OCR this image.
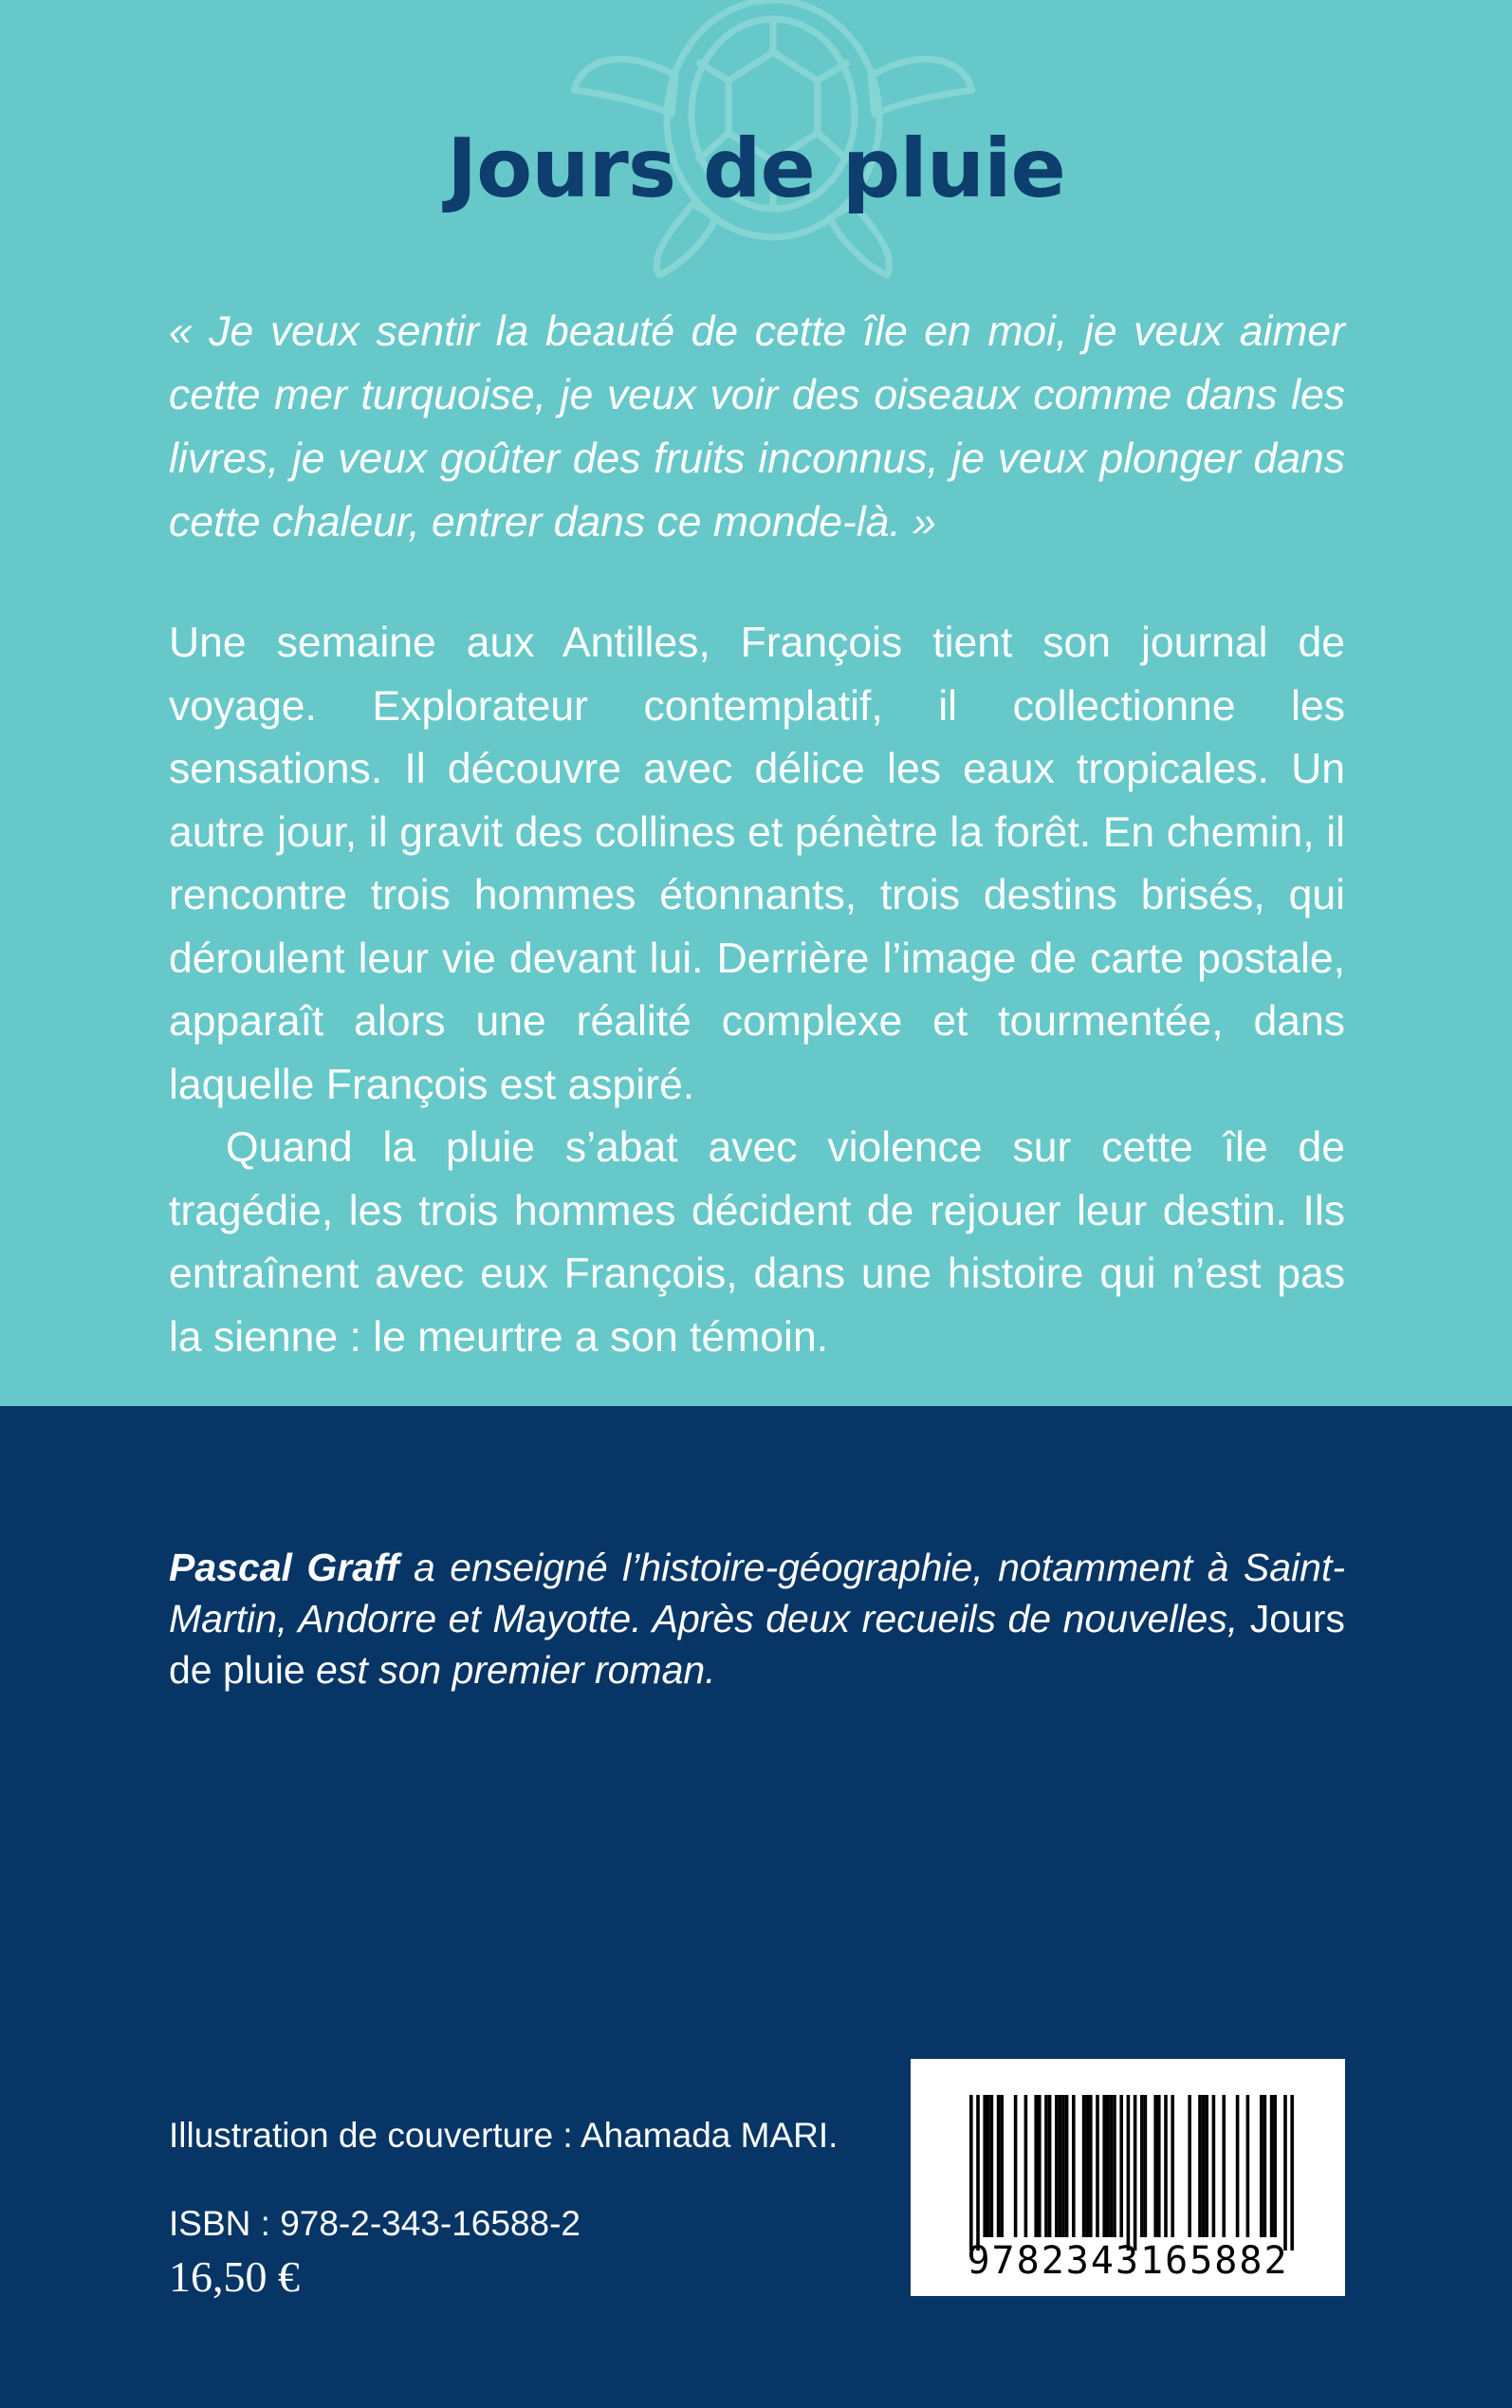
Jours de pluie

« Je veux sentir la beauté de cette île en moi, je veux aimer cette mer turquoise, je veux voir des oiseaux comme dans les livres, je veux goûter des fruits inconnus, je veux plonger dans cette chaleur, entrer dans ce monde-là. »

Une semaine aux Antilles, François tient son journal de voyage. Explorateur contemplatif, il collectionne les sensations. Il découvre avec délice les eaux tropicales. Un autre jour, il gravit des collines et pénètre la forêt. En chemin, il rencontre trois hommes étonnants, trois destins brisés, qui déroulent leur vie devant lui. Derrière l’image de carte postale, apparaît alors une réalité complexe et tourmentée, dans laquelle François est aspiré.

Quand la pluie s’abat avec violence sur cette île de tragédie, les trois hommes décident de rejouer leur destin. Ils entraînent avec eux François, dans une histoire qui n’est pas la sienne : le meurtre a son témoin.

Pascal Graff a enseigné l’histoire-géographie, notamment à Saint-Martin, Andorre et Mayotte. Après deux recueils de nouvelles, Jours de pluie est son premier roman.

Illustration de couverture : Ahamada MARI.

ISBN : 978-2-343-16588-2

16,50 €	9782343165882
